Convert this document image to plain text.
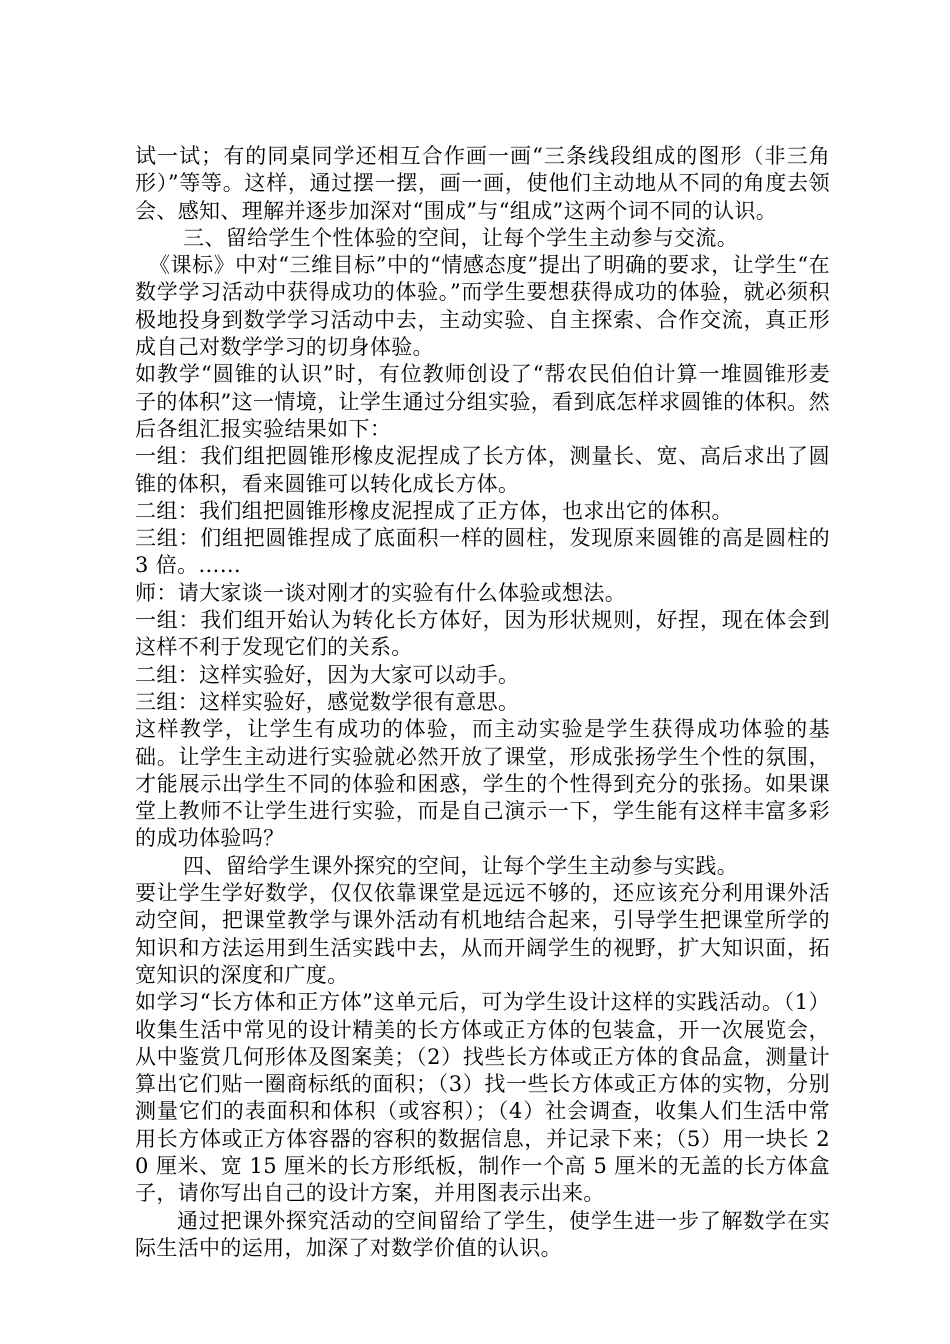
试一试；有的同桌同学还相互合作画一画“三条线段组成的图形（非三角形）”等等。这样，通过摆一摆，画一画，使他们主动地从不同的角度去领会、感知、理解并逐步加深对“围成”与“组成”这两个词不同的认识。

三、留给学生个性体验的空间，让每个学生主动参与交流。

《课标》中对“三维目标”中的“情感态度”提出了明确的要求，让学生“在数学学习活动中获得成功的体验。”而学生要想获得成功的体验，就必须积极地投身到数学学习活动中去，主动实验、自主探索、合作交流，真正形成自己对数学学习的切身体验。

如教学“圆锥的认识”时，有位教师创设了“帮农民伯伯计算一堆圆锥形麦子的体积”这一情境，让学生通过分组实验，看到底怎样求圆锥的体积。然后各组汇报实验结果如下：

一组：我们组把圆锥形橡皮泥捏成了长方体，测量长、宽、高后求出了圆锥的体积，看来圆锥可以转化成长方体。

二组：我们组把圆锥形橡皮泥捏成了正方体，也求出它的体积。

三组：们组把圆锥捏成了底面积一样的圆柱，发现原来圆锥的高是圆柱的 3 倍。……

师：请大家谈一谈对刚才的实验有什么体验或想法。

一组：我们组开始认为转化长方体好，因为形状规则，好捏，现在体会到这样不利于发现它们的关系。

二组：这样实验好，因为大家可以动手。

三组：这样实验好，感觉数学很有意思。

这样教学，让学生有成功的体验，而主动实验是学生获得成功体验的基础。让学生主动进行实验就必然开放了课堂，形成张扬学生个性的氛围，才能展示出学生不同的体验和困惑，学生的个性得到充分的张扬。如果课堂上教师不让学生进行实验，而是自己演示一下，学生能有这样丰富多彩的成功体验吗？

四、留给学生课外探究的空间，让每个学生主动参与实践。

要让学生学好数学，仅仅依靠课堂是远远不够的，还应该充分利用课外活动空间，把课堂教学与课外活动有机地结合起来，引导学生把课堂所学的知识和方法运用到生活实践中去，从而开阔学生的视野，扩大知识面，拓宽知识的深度和广度。

如学习“长方体和正方体”这单元后，可为学生设计这样的实践活动。（1）收集生活中常见的设计精美的长方体或正方体的包装盒，开一次展览会，从中鉴赏几何形体及图案美；（2）找些长方体或正方体的食品盒，测量计算出它们贴一圈商标纸的面积；（3）找一些长方体或正方体的实物，分别测量它们的表面积和体积（或容积）；（4）社会调查，收集人们生活中常用长方体或正方体容器的容积的数据信息，并记录下来；（5）用一块长 20 厘米、宽 15 厘米的长方形纸板，制作一个高 5 厘米的无盖的长方体盒子，请你写出自己的设计方案，并用图表示出来。

通过把课外探究活动的空间留给了学生，使学生进一步了解数学在实际生活中的运用，加深了对数学价值的认识。
